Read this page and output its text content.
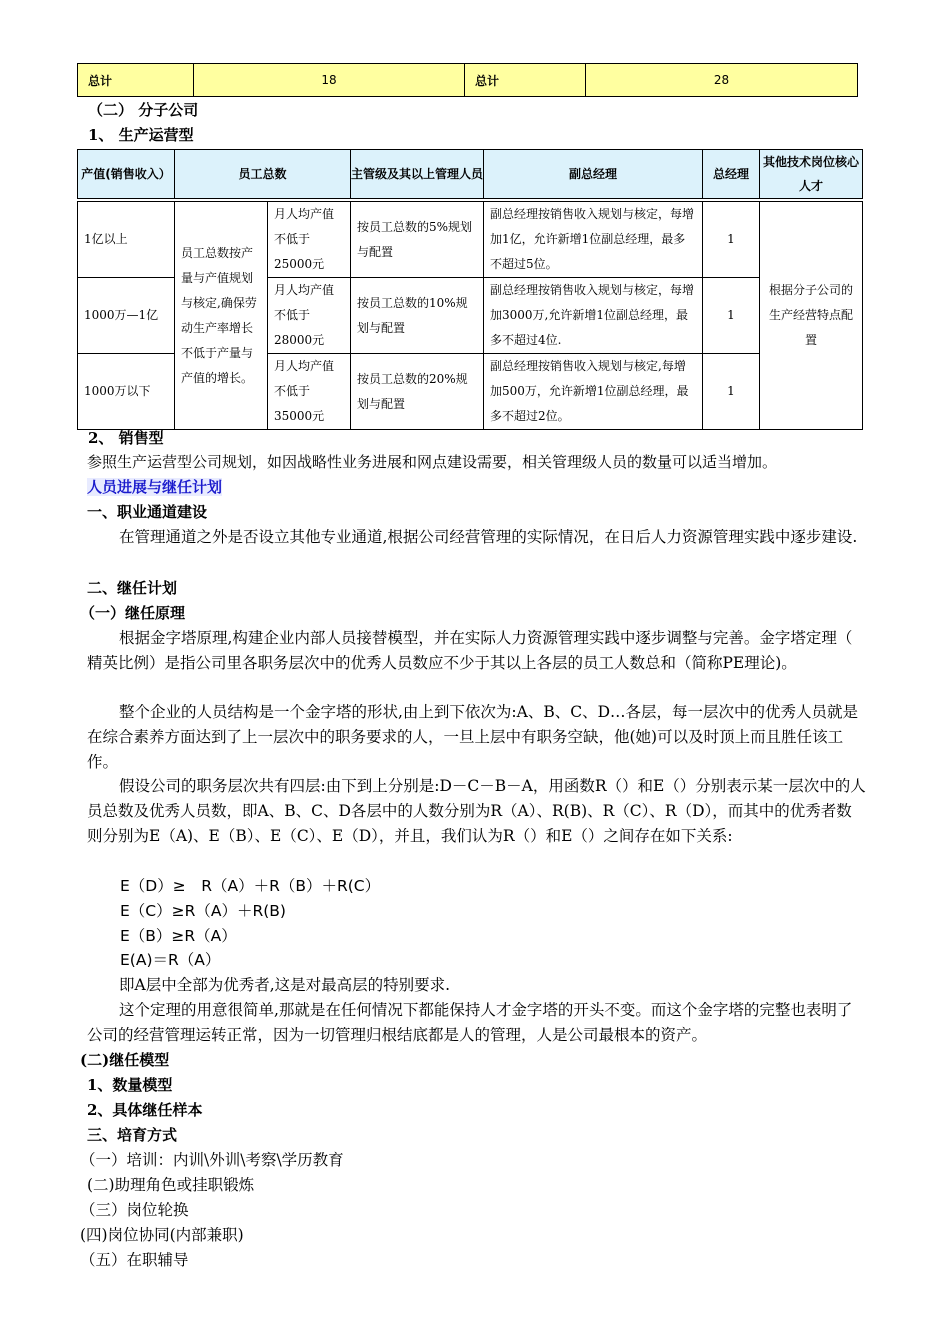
总计	18	总计	28
（二） 分子公司
1、 生产运营型
产值(销售收入）	员工总数		主管级及其以上管理人员	副总经理	总经理	其他技术岗位核心人才

1亿以上	员工总数按产量与产值规划与核定,确保劳动生产率增长不低于产量与产值的增长。	月人均产值不低于25000元	按员工总数的5%规划与配置	副总经理按销售收入规划与核定，每增加1亿，允许新增1位副总经理，最多不超过5位。	1	根据分子公司的生产经营特点配置
1000万—1亿		月人均产值不低于28000元	按员工总数的10%规划与配置	副总经理按销售收入规划与核定，每增加3000万,允许新增1位副总经理，最多不超过4位.	1	
1000万以下		月人均产值不低于35000元	按员工总数的20%规划与配置	副总经理按销售收入规划与核定,每增加500万，允许新增1位副总经理，最多不超过2位。	1	
2、 销售型
参照生产运营型公司规划，如因战略性业务进展和网点建设需要，相关管理级人员的数量可以适当增加。
人员进展与继任计划
一、职业通道建设
在管理通道之外是否设立其他专业通道,根据公司经营管理的实际情况，在日后人力资源管理实践中逐步建设.
二、继任计划
（一）继任原理
根据金字塔原理,构建企业内部人员接替模型，并在实际人力资源管理实践中逐步调整与完善。金字塔定理（　精英比例）是指公司里各职务层次中的优秀人员数应不少于其以上各层的员工人数总和（简称PE理论)。
整个企业的人员结构是一个金字塔的形状,由上到下依次为:A、B、C、D…各层，每一层次中的优秀人员就是在综合素养方面达到了上一层次中的职务要求的人，一旦上层中有职务空缺，他(她)可以及时顶上而且胜任该工作。
假设公司的职务层次共有四层:由下到上分别是:D－C－B－A，用函数R（）和E（）分别表示某一层次中的人员总数及优秀人员数，即A、B、C、D各层中的人数分别为R（A）、R(B)、R（C）、R（D），而其中的优秀者数则分别为E（A)、E（B）、E（C）、E（D），并且，我们认为R（）和E（）之间存在如下关系:
E（D）≥　R（A）＋R（B）＋R(C）
E（C）≥R（A）＋R(B)
E（B）≥R（A）
E(A)＝R（A）
即A层中全部为优秀者,这是对最高层的特别要求.
这个定理的用意很简单,那就是在任何情况下都能保持人才金字塔的开头不变。而这个金字塔的完整也表明了公司的经营管理运转正常，因为一切管理归根结底都是人的管理，人是公司最根本的资产。
(二)继任模型
1、数量模型
2、具体继任样本
三、培育方式
（一）培训：内训\外训\考察\学历教育
(二)助理角色或挂职锻炼
（三）岗位轮换
(四)岗位协同(内部兼职)
（五）在职辅导
